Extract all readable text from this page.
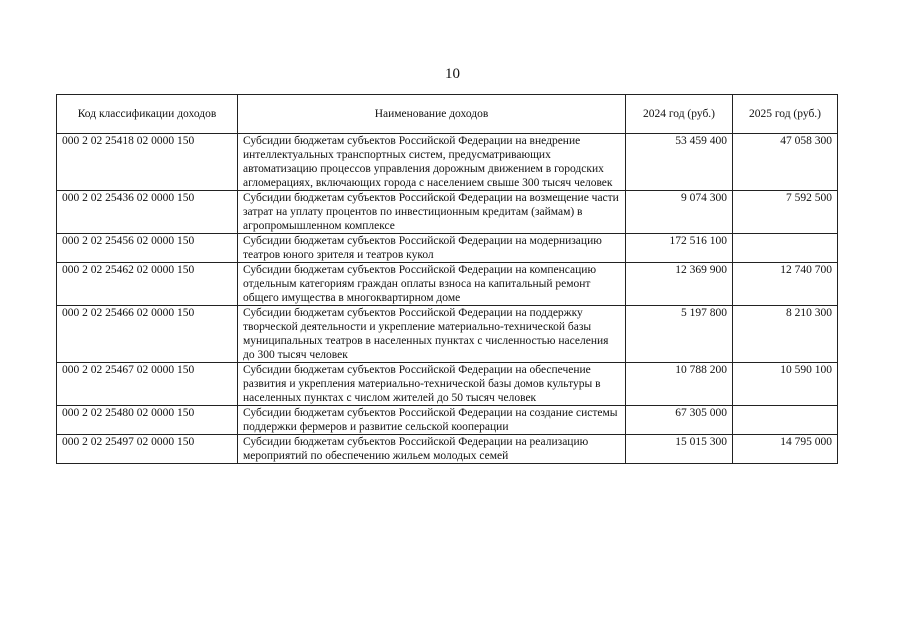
10
Код классификации доходов	Наименование доходов	2024 год (руб.)	2025 год (руб.)
000 2 02 25418 02 0000 150	Субсидии бюджетам субъектов Российской Федерации на внедрение интеллектуальных транспортных систем, предусматривающих автоматизацию процессов управления дорожным движением в городских агломерациях, включающих города с населением свыше 300 тысяч человек	53 459 400	47 058 300
000 2 02 25436 02 0000 150	Субсидии бюджетам субъектов Российской Федерации на возмещение части затрат на уплату процентов по инвестиционным кредитам (займам) в агропромышленном комплексе	9 074 300	7 592 500
000 2 02 25456 02 0000 150	Субсидии бюджетам субъектов Российской Федерации на модернизацию театров юного зрителя и театров кукол	172 516 100	
000 2 02 25462 02 0000 150	Субсидии бюджетам субъектов Российской Федерации на компенсацию отдельным категориям граждан оплаты взноса на капитальный ремонт общего имущества в многоквартирном доме	12 369 900	12 740 700
000 2 02 25466 02 0000 150	Субсидии бюджетам субъектов Российской Федерации на поддержку творческой деятельности и укрепление материально-технической базы муниципальных театров в населенных пунктах с численностью населения до 300 тысяч человек	5 197 800	8 210 300
000 2 02 25467 02 0000 150	Субсидии бюджетам субъектов Российской Федерации на обеспечение развития и укрепления материально-технической базы домов культуры в населенных пунктах с числом жителей до 50 тысяч человек	10 788 200	10 590 100
000 2 02 25480 02 0000 150	Субсидии бюджетам субъектов Российской Федерации на создание системы поддержки фермеров и развитие сельской кооперации	67 305 000	
000 2 02 25497 02 0000 150	Субсидии бюджетам субъектов Российской Федерации на реализацию мероприятий по обеспечению жильем молодых семей	15 015 300	14 795 000
